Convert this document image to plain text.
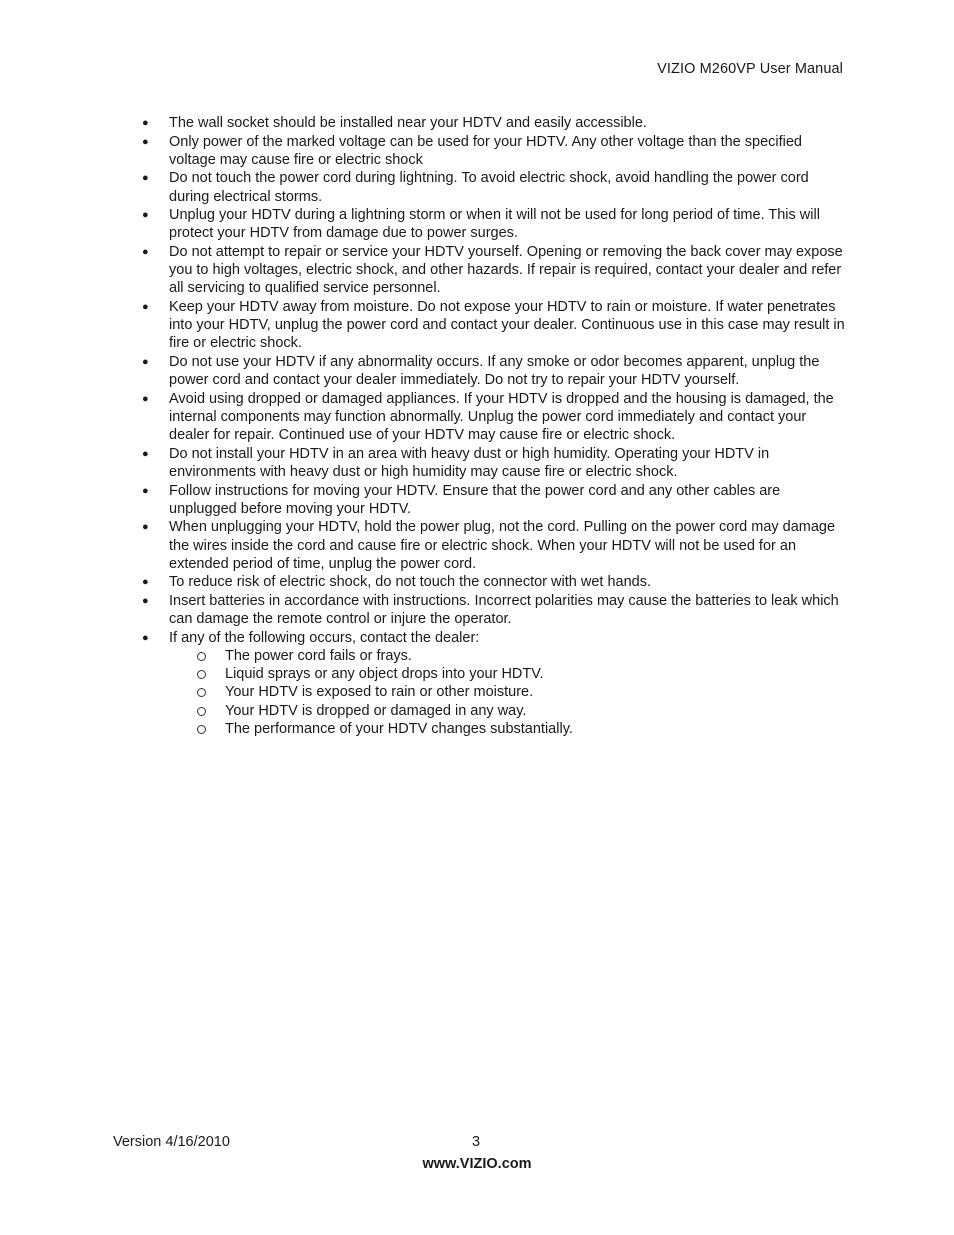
VIZIO M260VP User Manual
● The wall socket should be installed near your HDTV and easily accessible.
● Only power of the marked voltage can be used for your HDTV. Any other voltage than the specified voltage may cause fire or electric shock
● Do not touch the power cord during lightning. To avoid electric shock, avoid handling the power cord during electrical storms.
● Unplug your HDTV during a lightning storm or when it will not be used for long period of time. This will protect your HDTV from damage due to power surges.
● Do not attempt to repair or service your HDTV yourself. Opening or removing the back cover may expose you to high voltages, electric shock, and other hazards. If repair is required, contact your dealer and refer all servicing to qualified service personnel.
● Keep your HDTV away from moisture. Do not expose your HDTV to rain or moisture. If water penetrates into your HDTV, unplug the power cord and contact your dealer. Continuous use in this case may result in fire or electric shock.
● Do not use your HDTV if any abnormality occurs. If any smoke or odor becomes apparent, unplug the power cord and contact your dealer immediately. Do not try to repair your HDTV yourself.
● Avoid using dropped or damaged appliances. If your HDTV is dropped and the housing is damaged, the internal components may function abnormally. Unplug the power cord immediately and contact your dealer for repair. Continued use of your HDTV may cause fire or electric shock.
● Do not install your HDTV in an area with heavy dust or high humidity. Operating your HDTV in environments with heavy dust or high humidity may cause fire or electric shock.
● Follow instructions for moving your HDTV. Ensure that the power cord and any other cables are unplugged before moving your HDTV.
● When unplugging your HDTV, hold the power plug, not the cord. Pulling on the power cord may damage the wires inside the cord and cause fire or electric shock. When your HDTV will not be used for an extended period of time, unplug the power cord.
● To reduce risk of electric shock, do not touch the connector with wet hands.
● Insert batteries in accordance with instructions. Incorrect polarities may cause the batteries to leak which can damage the remote control or injure the operator.
● If any of the following occurs, contact the dealer:
The power cord fails or frays.
Liquid sprays or any object drops into your HDTV.
Your HDTV is exposed to rain or other moisture.
Your HDTV is dropped or damaged in any way.
The performance of your HDTV changes substantially.
Version 4/16/2010	3
www.VIZIO.com
